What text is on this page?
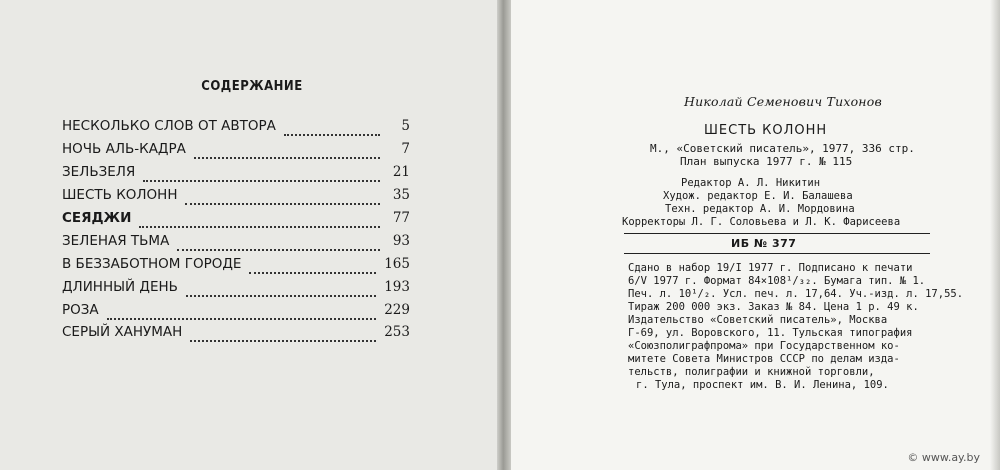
СОДЕРЖАНИЕ
НЕСКОЛЬКО СЛОВ ОТ АВТОРА	5
НОЧЬ АЛЬ-КАДРА	7
ЗЕЛЬЗЕЛЯ	21
ШЕСТЬ КОЛОНН	35
СЕЯДЖИ	77
ЗЕЛЕНАЯ ТЬМА	93
В БЕЗЗАБОТНОМ ГОРОДЕ	165
ДЛИННЫЙ ДЕНЬ	193
РОЗА	229
СЕРЫЙ ХАНУМАН	253
Николай Семенович Тихонов
ШЕСТЬ КОЛОНН
М., «Советский писатель», 1977, 336 стр.
План выпуска 1977 г. № 115
Редактор А. Л. Никитин
Худож. редактор Е. И. Балашева
Техн. редактор А. И. Мордовина
Корректоры Л. Г. Соловьева и Л. К. Фарисеева
ИБ № 377
Сдано в набор 19/I 1977 г. Подписано к печати
6/V 1977 г. Формат 84×108¹/₃₂. Бумага тип. № 1.
Печ. л. 10¹/₂. Усл. печ. л. 17,64. Уч.-изд. л. 17,55.
Тираж 200 000 экз. Заказ № 84. Цена 1 р. 49 к.
Издательство «Советский писатель», Москва
Г-69, ул. Воровского, 11. Тульская типография
«Союзполиграфпрома» при Государственном ко-
митете Совета Министров СССР по делам изда-
тельств, полиграфии и книжной торговли,
г. Тула, проспект им. В. И. Ленина, 109.
© www.ay.by
